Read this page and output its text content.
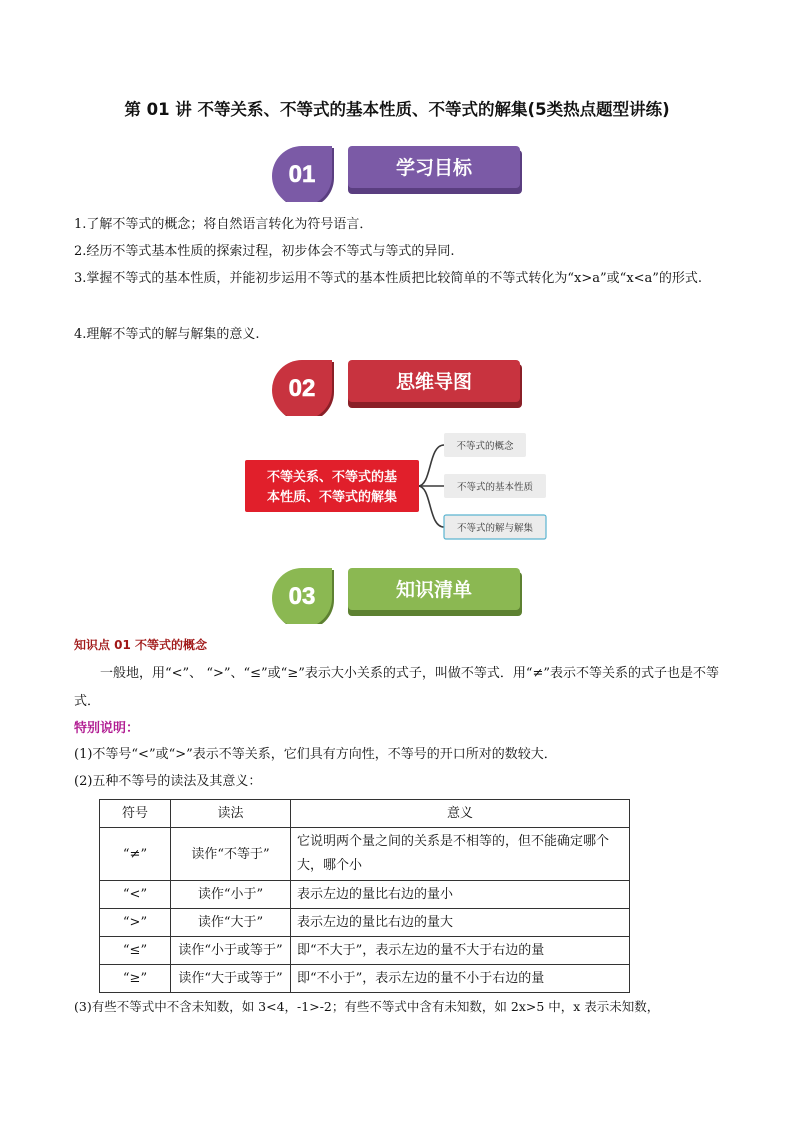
第 01 讲 不等关系、不等式的基本性质、不等式的解集(5类热点题型讲练)
01	学习目标
1.了解不等式的概念；将自然语言转化为符号语言．
2.经历不等式基本性质的探索过程，初步体会不等式与等式的异同.
3.掌握不等式的基本性质，并能初步运用不等式的基本性质把比较简单的不等式转化为“x>a”或“x<a”的形式.
4.理解不等式的解与解集的意义.
02	思维导图
不等关系、不等式的基
本性质、不等式的解集
不等式的概念
不等式的基本性质
不等式的解与解集
03	知识清单
知识点 01 不等式的概念
一般地，用“<”、 “>”、“≤”或“≥”表示大小关系的式子，叫做不等式．用“≠”表示不等关系的式子也是不等式．
特别说明：
(1)不等号“<”或“>”表示不等关系，它们具有方向性，不等号的开口所对的数较大．
(2)五种不等号的读法及其意义：
符号	读法	意义
“≠”	读作“不等于”	它说明两个量之间的关系是不相等的，但不能确定哪个大，哪个小
“<”	读作“小于”	表示左边的量比右边的量小
“>”	读作“大于”	表示左边的量比右边的量大
“≤”	读作“小于或等于”	即“不大于”，表示左边的量不大于右边的量
“≥”	读作“大于或等于”	即“不小于”，表示左边的量不小于右边的量
(3)有些不等式中不含未知数，如 3<4，-1>-2；有些不等式中含有未知数，如 2x>5 中，x 表示未知数，
